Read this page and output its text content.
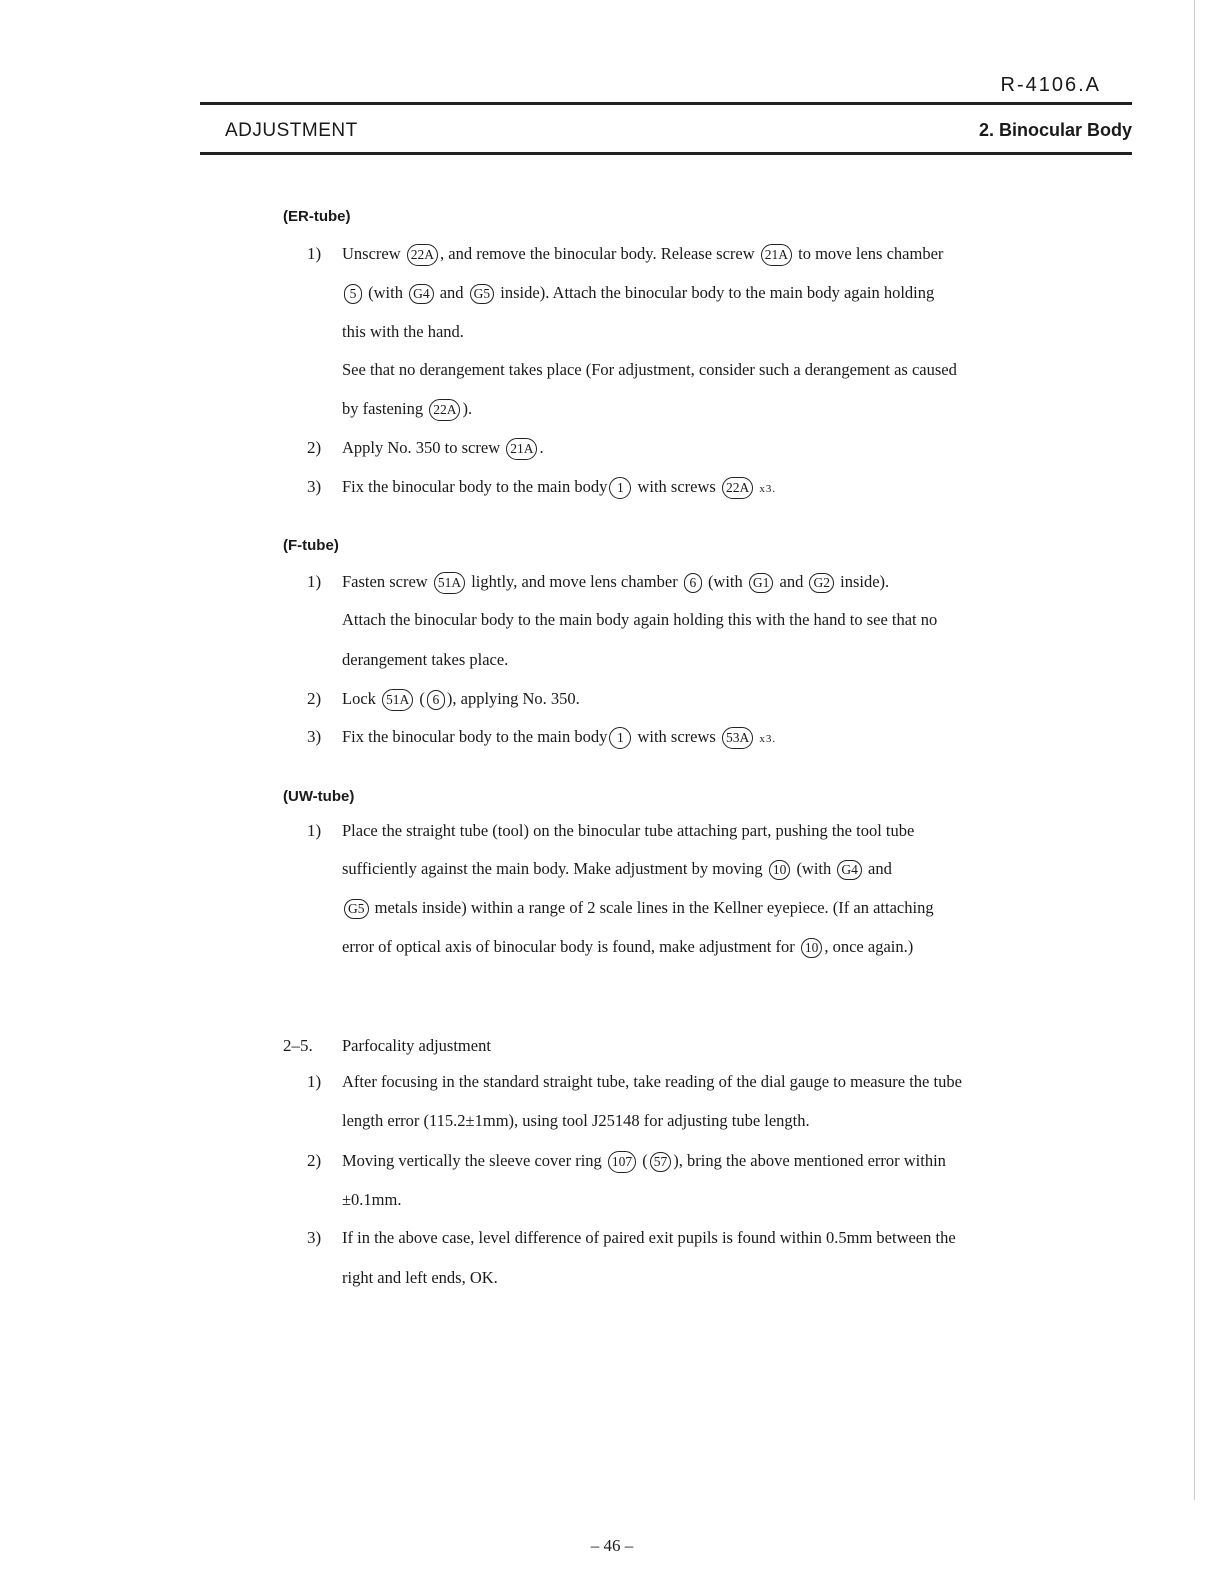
R-4106.A
ADJUSTMENT	2. Binocular Body
(ER-tube)
1) Unscrew 22A , and remove the binocular body. Release screw 21A to move lens chamber
5 (with G4 and G5 inside). Attach the binocular body to the main body again holding
this with the hand.
See that no derangement takes place (For adjustment, consider such a derangement as caused
by fastening 22A ).
2) Apply No. 350 to screw 21A .
3) Fix the binocular body to the main body 1 with screws 22A x3.
(F-tube)
1) Fasten screw 51A lightly, and move lens chamber 6 (with G1 and G2 inside).
Attach the binocular body to the main body again holding this with the hand to see that no
derangement takes place.
2) Lock 51A ( 6 ), applying No. 350.
3) Fix the binocular body to the main body 1 with screws 53A x3.
(UW-tube)
1) Place the straight tube (tool) on the binocular tube attaching part, pushing the tool tube
sufficiently against the main body. Make adjustment by moving 10 (with G4 and
G5 metals inside) within a range of 2 scale lines in the Kellner eyepiece. (If an attaching
error of optical axis of binocular body is found, make adjustment for 10 , once again.)
2–5. Parfocality adjustment
1) After focusing in the standard straight tube, take reading of the dial gauge to measure the tube
length error (115.2±1mm), using tool J25148 for adjusting tube length.
2) Moving vertically the sleeve cover ring 107 ( 57 ), bring the above mentioned error within
±0.1mm.
3) If in the above case, level difference of paired exit pupils is found within 0.5mm between the
right and left ends, OK.
– 46 –
